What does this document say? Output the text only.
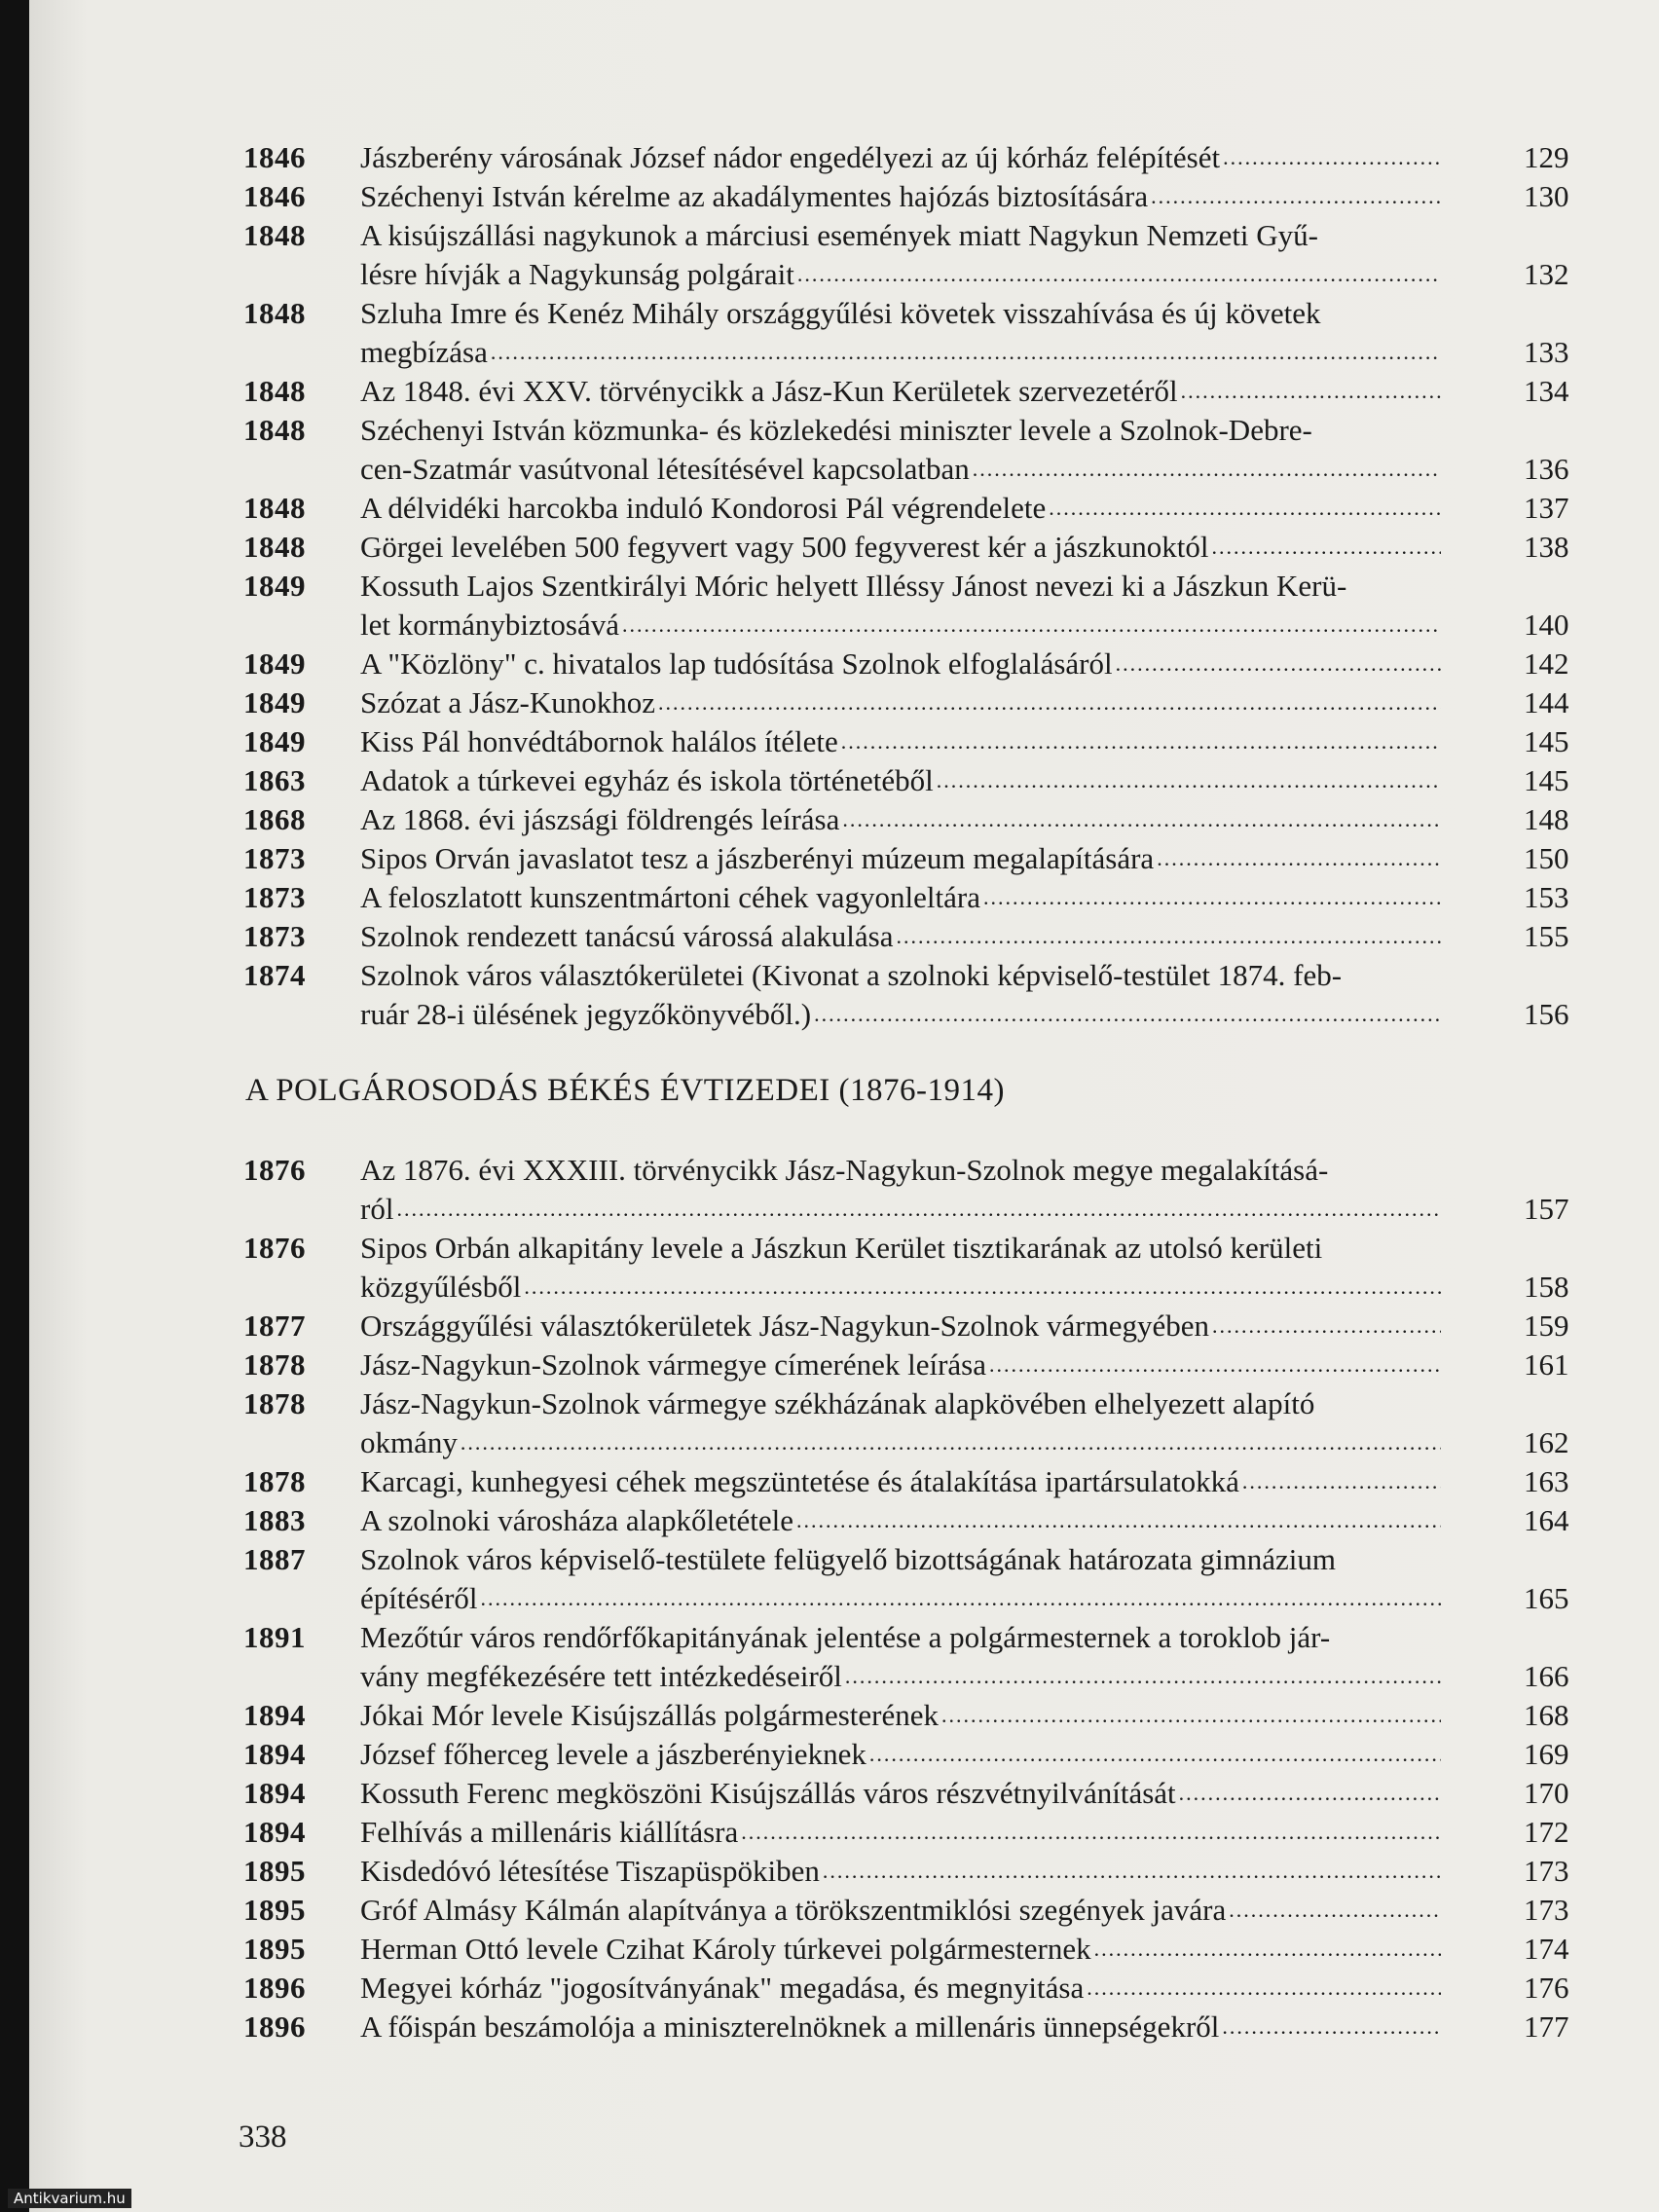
1846	Jászberény városának József nádor engedélyezi az új kórház felépítését .....	129
1846	Széchenyi István kérelme az akadálymentes hajózás biztosítására .....	130
1848	A kisújszállási nagykunok a márciusi események miatt Nagykun Nemzeti Gyű-
lésre hívják a Nagykunság polgárait .....	132
1848	Szluha Imre és Kenéz Mihály országgyűlési követek visszahívása és új követek
megbízása .....	133
1848	Az 1848. évi XXV. törvénycikk a Jász-Kun Kerületek szervezetéről .....	134
1848	Széchenyi István közmunka- és közlekedési miniszter levele a Szolnok-Debre-
cen-Szatmár vasútvonal létesítésével kapcsolatban .....	136
1848	A délvidéki harcokba induló Kondorosi Pál végrendelete .....	137
1848	Görgei levelében 500 fegyvert vagy 500 fegyverest kér a jászkunoktól .....	138
1849	Kossuth Lajos Szentkirályi Móric helyett Illéssy Jánost nevezi ki a Jászkun Kerü-
let kormánybiztosává .....	140
1849	A "Közlöny" c. hivatalos lap tudósítása Szolnok elfoglalásáról .....	142
1849	Szózat a Jász-Kunokhoz .....	144
1849	Kiss Pál honvédtábornok halálos ítélete .....	145
1863	Adatok a túrkevei egyház és iskola történetéből .....	145
1868	Az 1868. évi jászsági földrengés leírása .....	148
1873	Sipos Orván javaslatot tesz a jászberényi múzeum megalapítására .....	150
1873	A feloszlatott kunszentmártoni céhek vagyonleltára .....	153
1873	Szolnok rendezett tanácsú várossá alakulása .....	155
1874	Szolnok város választókerületei (Kivonat a szolnoki képviselő-testület 1874. feb-
ruár 28-i ülésének jegyzőkönyvéből.) .....	156
1876	Az 1876. évi XXXIII. törvénycikk Jász-Nagykun-Szolnok megye megalakításá-
ról .....	157
1876	Sipos Orbán alkapitány levele a Jászkun Kerület tisztikarának az utolsó kerületi
közgyűlésből .....	158
1877	Országgyűlési választókerületek Jász-Nagykun-Szolnok vármegyében .....	159
1878	Jász-Nagykun-Szolnok vármegye címerének leírása .....	161
1878	Jász-Nagykun-Szolnok vármegye székházának alapkövében elhelyezett alapító
okmány .....	162
1878	Karcagi, kunhegyesi céhek megszüntetése és átalakítása ipartársulatokká .....	163
1883	A szolnoki városháza alapkőletétele .....	164
1887	Szolnok város képviselő-testülete felügyelő bizottságának határozata gimnázium
építéséről .....	165
1891	Mezőtúr város rendőrfőkapitányának jelentése a polgármesternek a toroklob jár-
vány megfékezésére tett intézkedéseiről .....	166
1894	Jókai Mór levele Kisújszállás polgármesterének .....	168
1894	József főherceg levele a jászberényieknek .....	169
1894	Kossuth Ferenc megköszöni Kisújszállás város részvétnyilvánítását .....	170
1894	Felhívás a millenáris kiállításra .....	172
1895	Kisdedóvó létesítése Tiszapüspökiben .....	173
1895	Gróf Almásy Kálmán alapítványa a törökszentmiklósi szegények javára .....	173
1895	Herman Ottó levele Czihat Károly túrkevei polgármesternek .....	174
1896	Megyei kórház "jogosítványának" megadása, és megnyitása .....	176
1896	A főispán beszámolója a miniszterelnöknek a millenáris ünnepségekről .....	177
A POLGÁROSODÁS BÉKÉS ÉVTIZEDEI (1876-1914)
338
Antikvarium.hu
